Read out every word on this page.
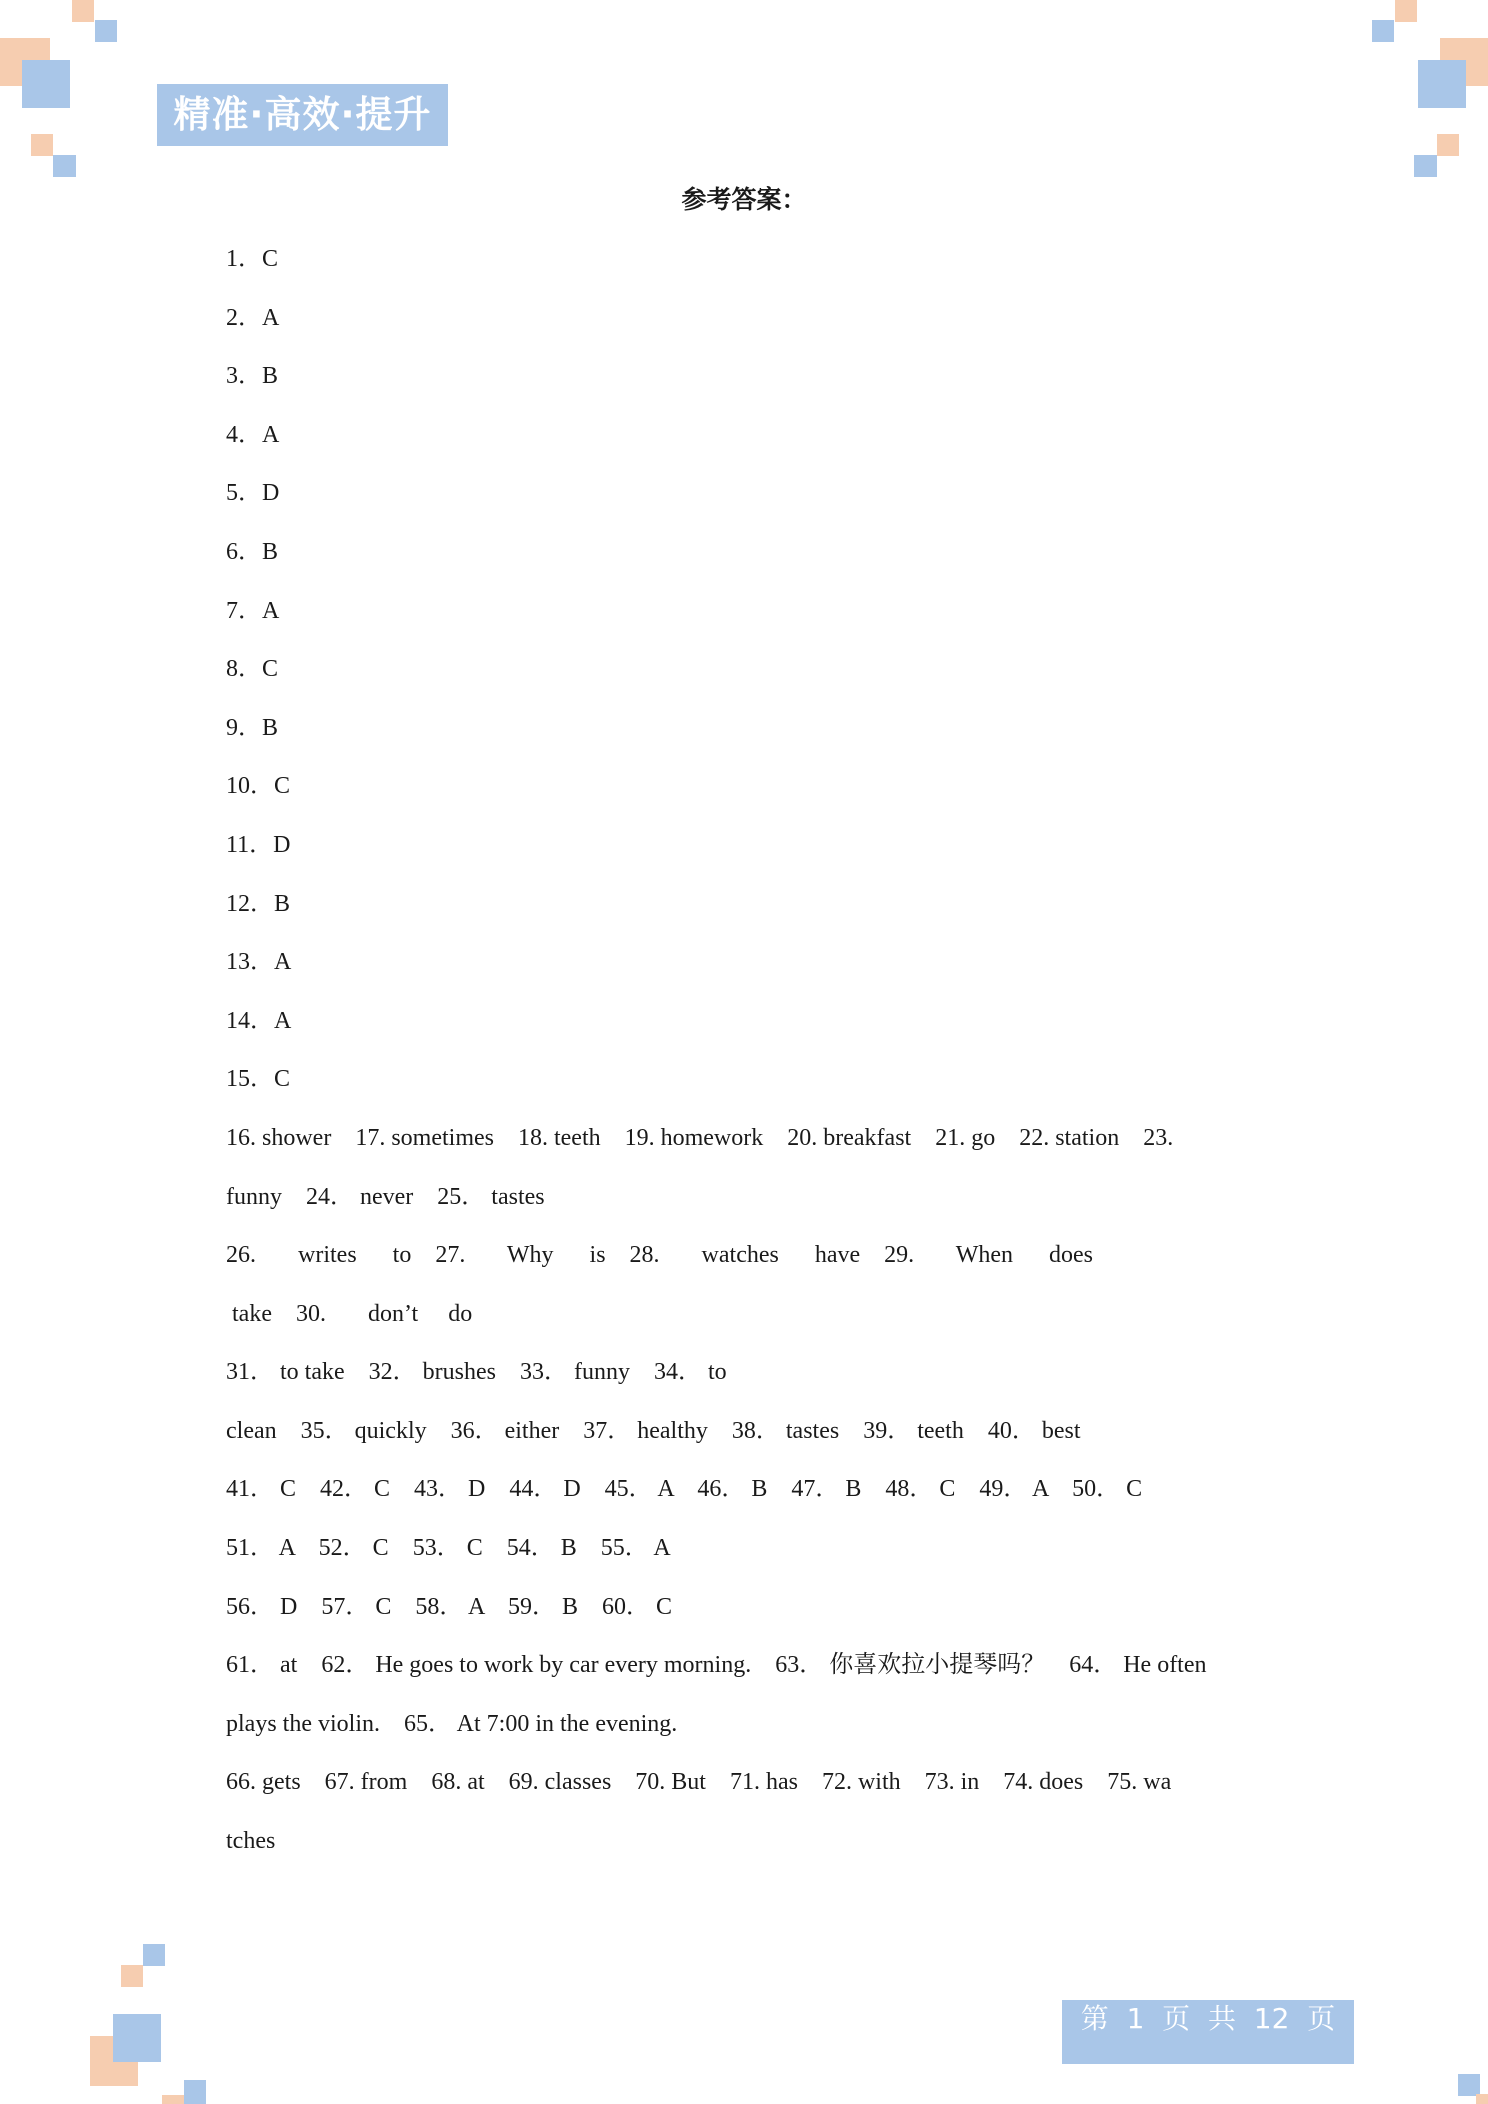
精准·高效·提升
参考答案：
1．C
2．A
3．B
4．A
5．D
6．B
7．A
8．C
9．B
10．C
11．D
12．B
13．A
14．A
15．C
16. shower    17. sometimes    18. teeth    19. homework    20. breakfast    21. go    22. station    23.
funny    24． never    25． tastes
26.       writes      to    27.       Why      is    28.       watches      have    29.       When      does
take    30.       don’t     do
31． to take    32． brushes    33． funny    34． to
clean    35． quickly    36． either    37． healthy    38． tastes    39． teeth    40． best
41． C    42． C    43． D    44． D    45． A    46． B    47． B    48． C    49． A    50． C
51． A    52． C    53． C    54． B    55． A
56． D    57． C    58． A    59． B    60． C
61． at    62． He goes to work by car every morning.    63． 你喜欢拉小提琴吗？    64． He often
plays the violin.    65． At 7:00 in the evening.
66. gets    67. from    68. at    69. classes    70. But    71. has    72. with    73. in    74. does    75. wa
tches
第  1  页  共  12  页
